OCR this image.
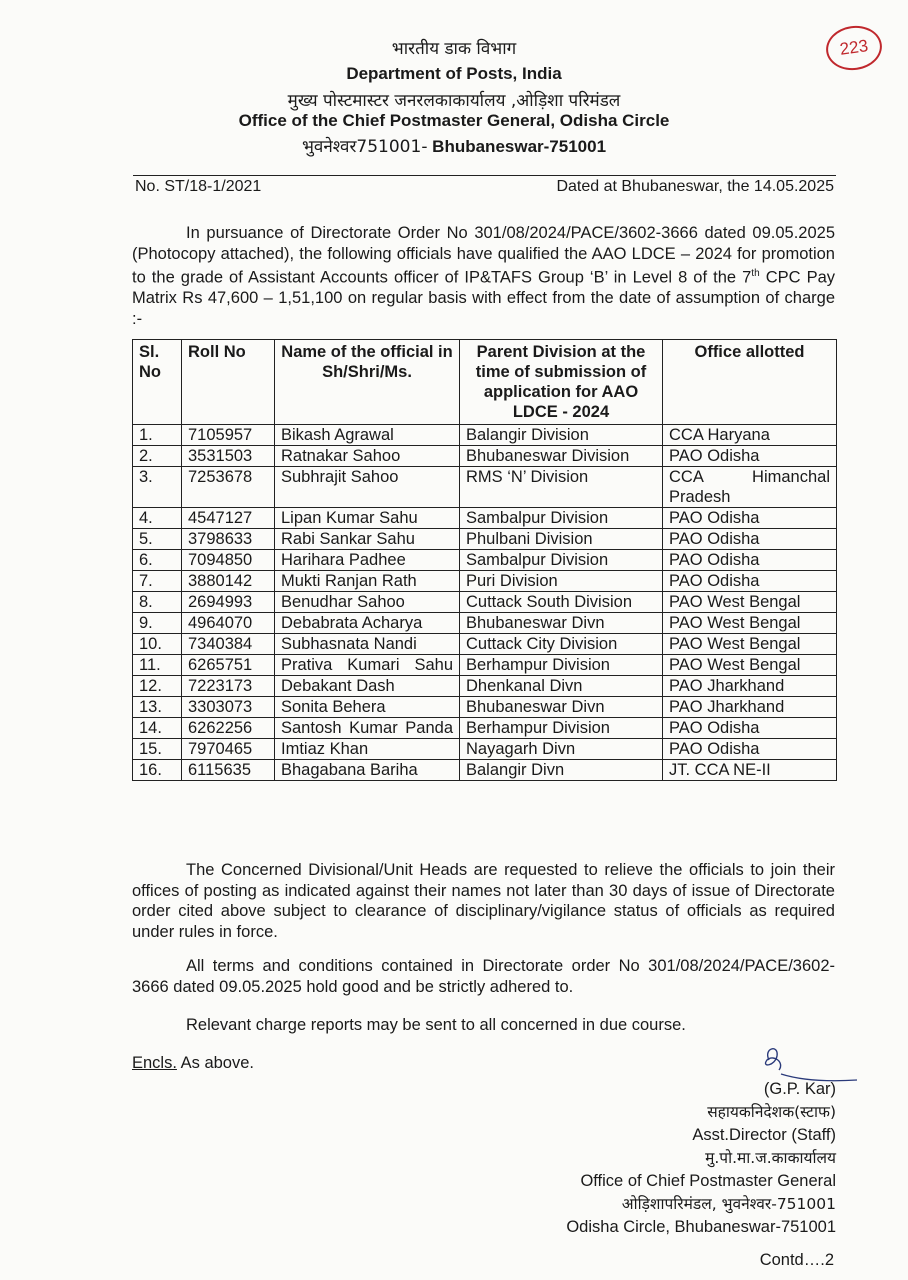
223
भारतीय डाक विभाग
Department of Posts, India
मुख्य पोस्टमास्टर जनरलकाकार्यालय ,ओड़िशा परिमंडल
Office of the Chief Postmaster General, Odisha Circle
भुवनेश्वर751001- Bhubaneswar-751001
No. ST/18-1/2021	Dated at Bhubaneswar, the 14.05.2025
In pursuance of Directorate Order No 301/08/2024/PACE/3602-3666 dated 09.05.2025 (Photocopy attached), the following officials have qualified the AAO LDCE – 2024 for promotion to the grade of Assistant Accounts officer of IP&TAFS Group ‘B’ in Level 8 of the 7th CPC Pay Matrix Rs 47,600 – 1,51,100 on regular basis with effect from the date of assumption of charge :-
Sl. No	Roll No	Name of the official in Sh/Shri/Ms.	Parent Division at the time of submission of application for AAO LDCE - 2024	Office allotted
1.	7105957	Bikash Agrawal	Balangir Division	CCA Haryana
2.	3531503	Ratnakar Sahoo	Bhubaneswar Division	PAO Odisha
3.	7253678	Subhrajit Sahoo	RMS ‘N’ Division	CCA Himanchal Pradesh
4.	4547127	Lipan Kumar Sahu	Sambalpur Division	PAO Odisha
5.	3798633	Rabi Sankar Sahu	Phulbani Division	PAO Odisha
6.	7094850	Harihara Padhee	Sambalpur Division	PAO Odisha
7.	3880142	Mukti Ranjan Rath	Puri Division	PAO Odisha
8.	2694993	Benudhar Sahoo	Cuttack South Division	PAO West Bengal
9.	4964070	Debabrata Acharya	Bhubaneswar Divn	PAO West Bengal
10.	7340384	Subhasnata Nandi	Cuttack City Division	PAO West Bengal
11.	6265751	Prativa Kumari Sahu	Berhampur Division	PAO West Bengal
12.	7223173	Debakant Dash	Dhenkanal Divn	PAO Jharkhand
13.	3303073	Sonita Behera	Bhubaneswar Divn	PAO Jharkhand
14.	6262256	Santosh Kumar Panda	Berhampur Division	PAO Odisha
15.	7970465	Imtiaz Khan	Nayagarh Divn	PAO Odisha
16.	6115635	Bhagabana Bariha	Balangir Divn	JT. CCA NE-II
The Concerned Divisional/Unit Heads are requested to relieve the officials to join their offices of posting as indicated against their names not later than 30 days of issue of Directorate order cited above subject to clearance of disciplinary/vigilance status of officials as required under rules in force.
All terms and conditions contained in Directorate order No 301/08/2024/PACE/3602-3666 dated 09.05.2025 hold good and be strictly adhered to.
Relevant charge reports may be sent to all concerned in due course.
Encls. As above.
(G.P. Kar)
सहायकनिदेशक(स्टाफ)
Asst.Director (Staff)
मु.पो.मा.ज.काकार्यालय
Office of Chief Postmaster General
ओड़िशापरिमंडल, भुवनेश्वर-751001
Odisha Circle, Bhubaneswar-751001
Contd….2
